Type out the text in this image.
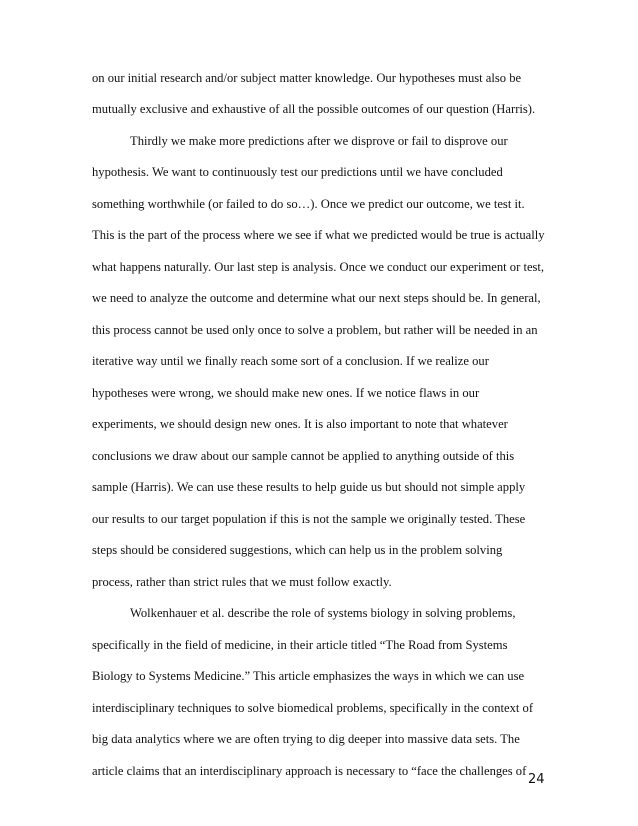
on our initial research and/or subject matter knowledge. Our hypotheses must also be
mutually exclusive and exhaustive of all the possible outcomes of our question (Harris).
Thirdly we make more predictions after we disprove or fail to disprove our
hypothesis. We want to continuously test our predictions until we have concluded
something worthwhile (or failed to do so…). Once we predict our outcome, we test it.
This is the part of the process where we see if what we predicted would be true is actually
what happens naturally. Our last step is analysis. Once we conduct our experiment or test,
we need to analyze the outcome and determine what our next steps should be. In general,
this process cannot be used only once to solve a problem, but rather will be needed in an
iterative way until we finally reach some sort of a conclusion. If we realize our
hypotheses were wrong, we should make new ones. If we notice flaws in our
experiments, we should design new ones. It is also important to note that whatever
conclusions we draw about our sample cannot be applied to anything outside of this
sample (Harris). We can use these results to help guide us but should not simple apply
our results to our target population if this is not the sample we originally tested. These
steps should be considered suggestions, which can help us in the problem solving
process, rather than strict rules that we must follow exactly.
Wolkenhauer et al. describe the role of systems biology in solving problems,
specifically in the field of medicine, in their article titled “The Road from Systems
Biology to Systems Medicine.” This article emphasizes the ways in which we can use
interdisciplinary techniques to solve biomedical problems, specifically in the context of
big data analytics where we are often trying to dig deeper into massive data sets. The
article claims that an interdisciplinary approach is necessary to “face the challenges of
24
